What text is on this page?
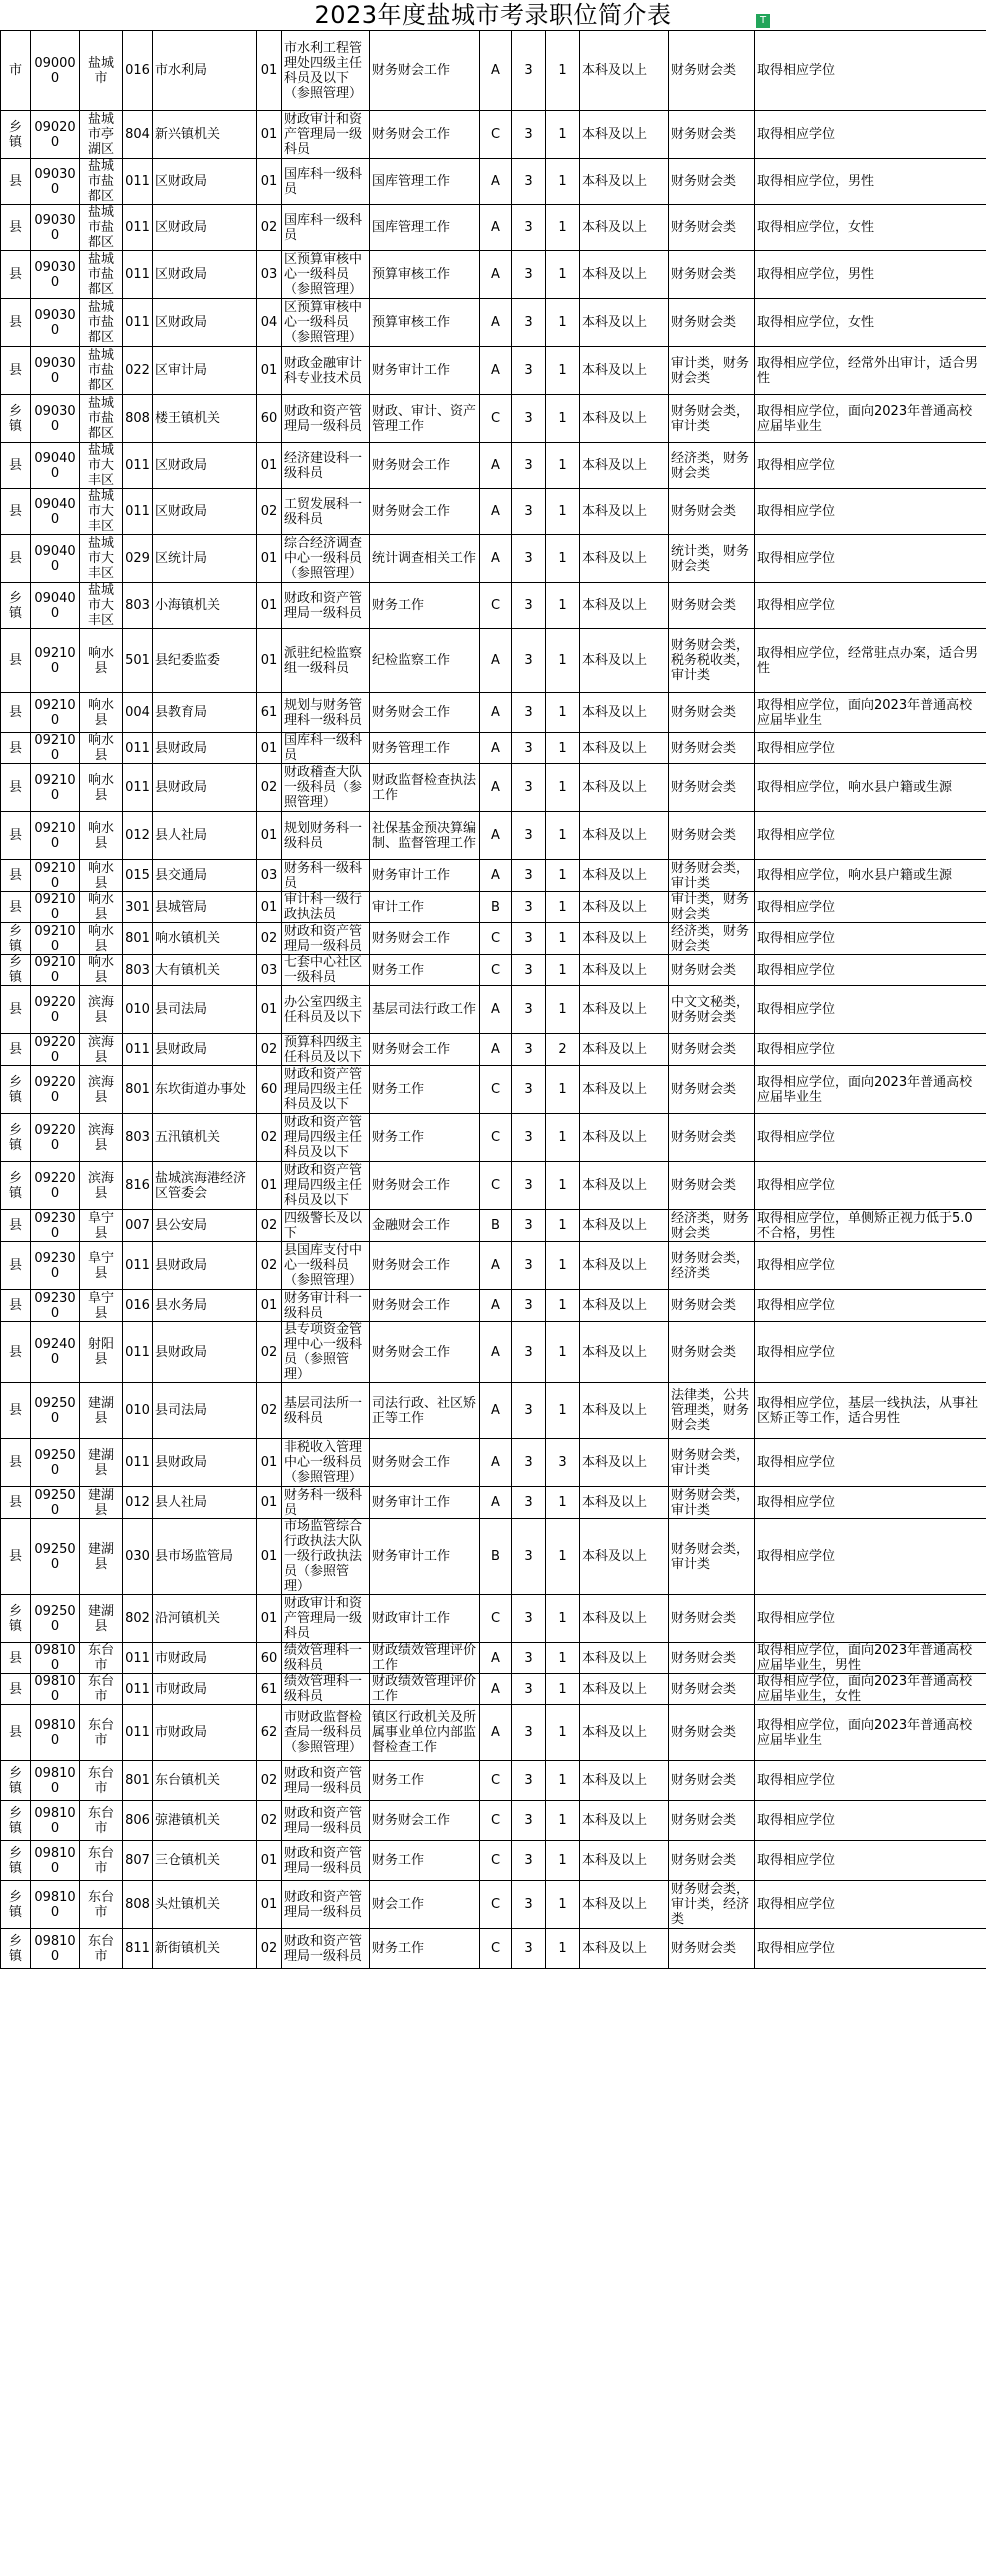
2023年度盐城市考录职位简介表	T
市	090000	盐城市	016	市水利局	01	市水利工程管理处四级主任科员及以下（参照管理）	财务财会工作	A	3	1	本科及以上	财务财会类	取得相应学位
乡镇	090200	盐城市亭湖区	804	新兴镇机关	01	财政审计和资产管理局一级科员	财务财会工作	C	3	1	本科及以上	财务财会类	取得相应学位
县	090300	盐城市盐都区	011	区财政局	01	国库科一级科员	国库管理工作	A	3	1	本科及以上	财务财会类	取得相应学位，男性
县	090300	盐城市盐都区	011	区财政局	02	国库科一级科员	国库管理工作	A	3	1	本科及以上	财务财会类	取得相应学位，女性
县	090300	盐城市盐都区	011	区财政局	03	区预算审核中心一级科员（参照管理）	预算审核工作	A	3	1	本科及以上	财务财会类	取得相应学位，男性
县	090300	盐城市盐都区	011	区财政局	04	区预算审核中心一级科员（参照管理）	预算审核工作	A	3	1	本科及以上	财务财会类	取得相应学位，女性
县	090300	盐城市盐都区	022	区审计局	01	财政金融审计科专业技术员	财务审计工作	A	3	1	本科及以上	审计类，财务财会类	取得相应学位，经常外出审计，适合男性
乡镇	090300	盐城市盐都区	808	楼王镇机关	60	财政和资产管理局一级科员	财政、审计、资产管理工作	C	3	1	本科及以上	财务财会类，审计类	取得相应学位，面向2023年普通高校应届毕业生
县	090400	盐城市大丰区	011	区财政局	01	经济建设科一级科员	财务财会工作	A	3	1	本科及以上	经济类，财务财会类	取得相应学位
县	090400	盐城市大丰区	011	区财政局	02	工贸发展科一级科员	财务财会工作	A	3	1	本科及以上	财务财会类	取得相应学位
县	090400	盐城市大丰区	029	区统计局	01	综合经济调查中心一级科员（参照管理）	统计调查相关工作	A	3	1	本科及以上	统计类，财务财会类	取得相应学位
乡镇	090400	盐城市大丰区	803	小海镇机关	01	财政和资产管理局一级科员	财务工作	C	3	1	本科及以上	财务财会类	取得相应学位
县	092100	响水县	501	县纪委监委	01	派驻纪检监察组一级科员	纪检监察工作	A	3	1	本科及以上	财务财会类，税务税收类，审计类	取得相应学位，经常驻点办案，适合男性
县	092100	响水县	004	县教育局	61	规划与财务管理科一级科员	财务财会工作	A	3	1	本科及以上	财务财会类	取得相应学位，面向2023年普通高校应届毕业生
县	092100	响水县	011	县财政局	01	国库科一级科员	财务管理工作	A	3	1	本科及以上	财务财会类	取得相应学位
县	092100	响水县	011	县财政局	02	财政稽查大队一级科员（参照管理）	财政监督检查执法工作	A	3	1	本科及以上	财务财会类	取得相应学位，响水县户籍或生源
县	092100	响水县	012	县人社局	01	规划财务科一级科员	社保基金预决算编制、监督管理工作	A	3	1	本科及以上	财务财会类	取得相应学位
县	092100	响水县	015	县交通局	03	财务科一级科员	财务审计工作	A	3	1	本科及以上	财务财会类，审计类	取得相应学位，响水县户籍或生源
县	092100	响水县	301	县城管局	01	审计科一级行政执法员	审计工作	B	3	1	本科及以上	审计类，财务财会类	取得相应学位
乡镇	092100	响水县	801	响水镇机关	02	财政和资产管理局一级科员	财务财会工作	C	3	1	本科及以上	经济类，财务财会类	取得相应学位
乡镇	092100	响水县	803	大有镇机关	03	七套中心社区一级科员	财务工作	C	3	1	本科及以上	财务财会类	取得相应学位
县	092200	滨海县	010	县司法局	01	办公室四级主任科员及以下	基层司法行政工作	A	3	1	本科及以上	中文文秘类，财务财会类	取得相应学位
县	092200	滨海县	011	县财政局	02	预算科四级主任科员及以下	财务财会工作	A	3	2	本科及以上	财务财会类	取得相应学位
乡镇	092200	滨海县	801	东坎街道办事处	60	财政和资产管理局四级主任科员及以下	财务工作	C	3	1	本科及以上	财务财会类	取得相应学位，面向2023年普通高校应届毕业生
乡镇	092200	滨海县	803	五汛镇机关	02	财政和资产管理局四级主任科员及以下	财务工作	C	3	1	本科及以上	财务财会类	取得相应学位
乡镇	092200	滨海县	816	盐城滨海港经济区管委会	01	财政和资产管理局四级主任科员及以下	财务财会工作	C	3	1	本科及以上	财务财会类	取得相应学位
县	092300	阜宁县	007	县公安局	02	四级警长及以下	金融财会工作	B	3	1	本科及以上	经济类，财务财会类	取得相应学位，单侧矫正视力低于5.0不合格，男性
县	092300	阜宁县	011	县财政局	02	县国库支付中心一级科员（参照管理）	财务财会工作	A	3	1	本科及以上	财务财会类，经济类	取得相应学位
县	092300	阜宁县	016	县水务局	01	财务审计科一级科员	财务财会工作	A	3	1	本科及以上	财务财会类	取得相应学位
县	092400	射阳县	011	县财政局	02	县专项资金管理中心一级科员（参照管理）	财务财会工作	A	3	1	本科及以上	财务财会类	取得相应学位
县	092500	建湖县	010	县司法局	02	基层司法所一级科员	司法行政、社区矫正等工作	A	3	1	本科及以上	法律类，公共管理类，财务财会类	取得相应学位，基层一线执法，从事社区矫正等工作，适合男性
县	092500	建湖县	011	县财政局	01	非税收入管理中心一级科员（参照管理）	财务财会工作	A	3	3	本科及以上	财务财会类，审计类	取得相应学位
县	092500	建湖县	012	县人社局	01	财务科一级科员	财务审计工作	A	3	1	本科及以上	财务财会类，审计类	取得相应学位
县	092500	建湖县	030	县市场监管局	01	市场监管综合行政执法大队一级行政执法员（参照管理）	财务审计工作	B	3	1	本科及以上	财务财会类，审计类	取得相应学位
乡镇	092500	建湖县	802	沿河镇机关	01	财政审计和资产管理局一级科员	财政审计工作	C	3	1	本科及以上	财务财会类	取得相应学位
县	098100	东台市	011	市财政局	60	绩效管理科一级科员	财政绩效管理评价工作	A	3	1	本科及以上	财务财会类	取得相应学位，面向2023年普通高校应届毕业生，男性
县	098100	东台市	011	市财政局	61	绩效管理科一级科员	财政绩效管理评价工作	A	3	1	本科及以上	财务财会类	取得相应学位，面向2023年普通高校应届毕业生，女性
县	098100	东台市	011	市财政局	62	市财政监督检查局一级科员（参照管理）	镇区行政机关及所属事业单位内部监督检查工作	A	3	1	本科及以上	财务财会类	取得相应学位，面向2023年普通高校应届毕业生
乡镇	098100	东台市	801	东台镇机关	02	财政和资产管理局一级科员	财务工作	C	3	1	本科及以上	财务财会类	取得相应学位
乡镇	098100	东台市	806	弶港镇机关	02	财政和资产管理局一级科员	财务财会工作	C	3	1	本科及以上	财务财会类	取得相应学位
乡镇	098100	东台市	807	三仓镇机关	01	财政和资产管理局一级科员	财务工作	C	3	1	本科及以上	财务财会类	取得相应学位
乡镇	098100	东台市	808	头灶镇机关	01	财政和资产管理局一级科员	财会工作	C	3	1	本科及以上	财务财会类，审计类，经济类	取得相应学位
乡镇	098100	东台市	811	新街镇机关	02	财政和资产管理局一级科员	财务工作	C	3	1	本科及以上	财务财会类	取得相应学位
